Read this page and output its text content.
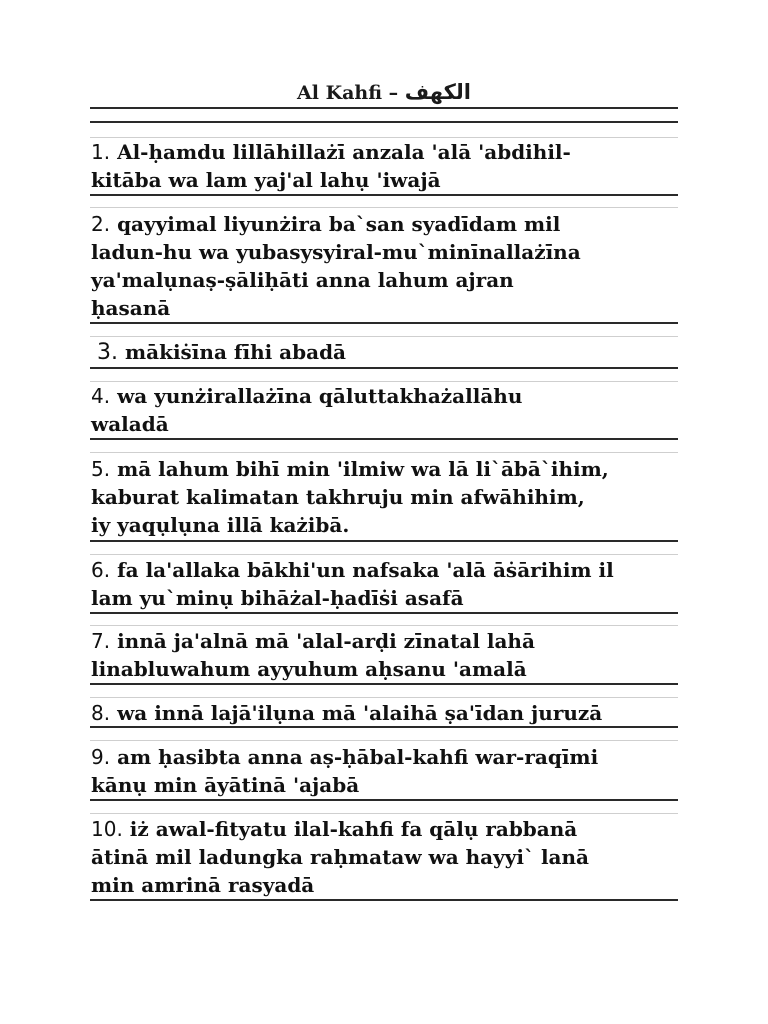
Al Kahfi – الكهف
1. Al-ḥamdu lillāhillażī anzala 'alā 'abdihil-
kitāba wa lam yaj'al lahụ 'iwajā
2. qayyimal liyunżira ba`san syadīdam mil
ladun-hu wa yubasysyiral-mu`minīnallażīna
ya'malụnaṣ-ṣāliḥāti anna lahum ajran
ḥasanā
3. mākiṡīna fīhi abadā
4. wa yunżirallażīna qāluttakhażallāhu
waladā
5. mā lahum bihī min 'ilmiw wa lā li`ābā`ihim,
kaburat kalimatan takhruju min afwāhihim,
iy yaqụlụna illā każibā.
6. fa la'allaka bākhi'un nafsaka 'alā āṡārihim il
lam yu`minụ bihāżal-ḥadīṡi asafā
7. innā ja'alnā mā 'alal-arḍi zīnatal lahā
linabluwahum ayyuhum aḥsanu 'amalā
8. wa innā lajā'ilụna mā 'alaihā ṣa'īdan juruzā
9. am ḥasibta anna aṣ-ḥābal-kahfi war-raqīmi
kānụ min āyātinā 'ajabā
10. iż awal-fityatu ilal-kahfi fa qālụ rabbanā
ātinā mil ladungka raḥmataw wa hayyi` lanā
min amrinā rasyadā
